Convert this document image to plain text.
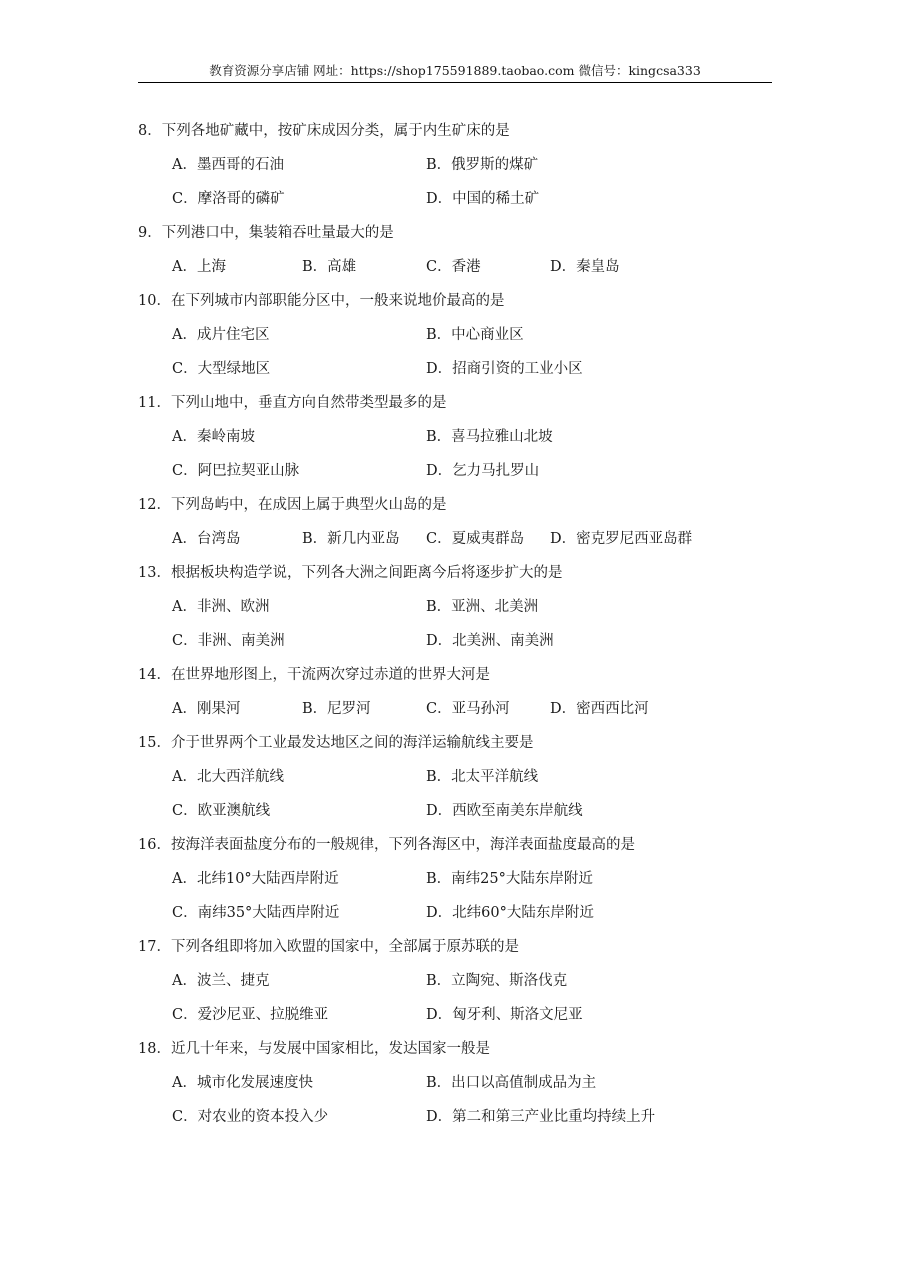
教育资源分享店铺 网址：https://shop175591889.taobao.com 微信号：kingcsa333
8．下列各地矿藏中，按矿床成因分类，属于内生矿床的是
A．墨西哥的石油	B．俄罗斯的煤矿
C．摩洛哥的磷矿	D．中国的稀土矿
9．下列港口中，集装箱吞吐量最大的是
A．上海	B．高雄	C．香港	D．秦皇岛
10．在下列城市内部职能分区中，一般来说地价最高的是
A．成片住宅区	B．中心商业区
C．大型绿地区	D．招商引资的工业小区
11．下列山地中，垂直方向自然带类型最多的是
A．秦岭南坡	B．喜马拉雅山北坡
C．阿巴拉契亚山脉	D．乞力马扎罗山
12．下列岛屿中，在成因上属于典型火山岛的是
A．台湾岛	B．新几内亚岛 C．夏威夷群岛 D．密克罗尼西亚岛群
13．根据板块构造学说，下列各大洲之间距离今后将逐步扩大的是
A．非洲、欧洲	B．亚洲、北美洲
C．非洲、南美洲	D．北美洲、南美洲
14．在世界地形图上，干流两次穿过赤道的世界大河是
A．刚果河	B．尼罗河	C．亚马孙河	D．密西西比河
15．介于世界两个工业最发达地区之间的海洋运输航线主要是
A．北大西洋航线	B．北太平洋航线
C．欧亚澳航线	D．西欧至南美东岸航线
16．按海洋表面盐度分布的一般规律，下列各海区中，海洋表面盐度最高的是
A．北纬10°大陆西岸附近	B．南纬25°大陆东岸附近
C．南纬35°大陆西岸附近	D．北纬60°大陆东岸附近
17．下列各组即将加入欧盟的国家中，全部属于原苏联的是
A．波兰、捷克	B．立陶宛、斯洛伐克
C．爱沙尼亚、拉脱维亚	D．匈牙利、斯洛文尼亚
18．近几十年来，与发展中国家相比，发达国家一般是
A．城市化发展速度快	B．出口以高值制成品为主
C．对农业的资本投入少	D．第二和第三产业比重均持续上升
